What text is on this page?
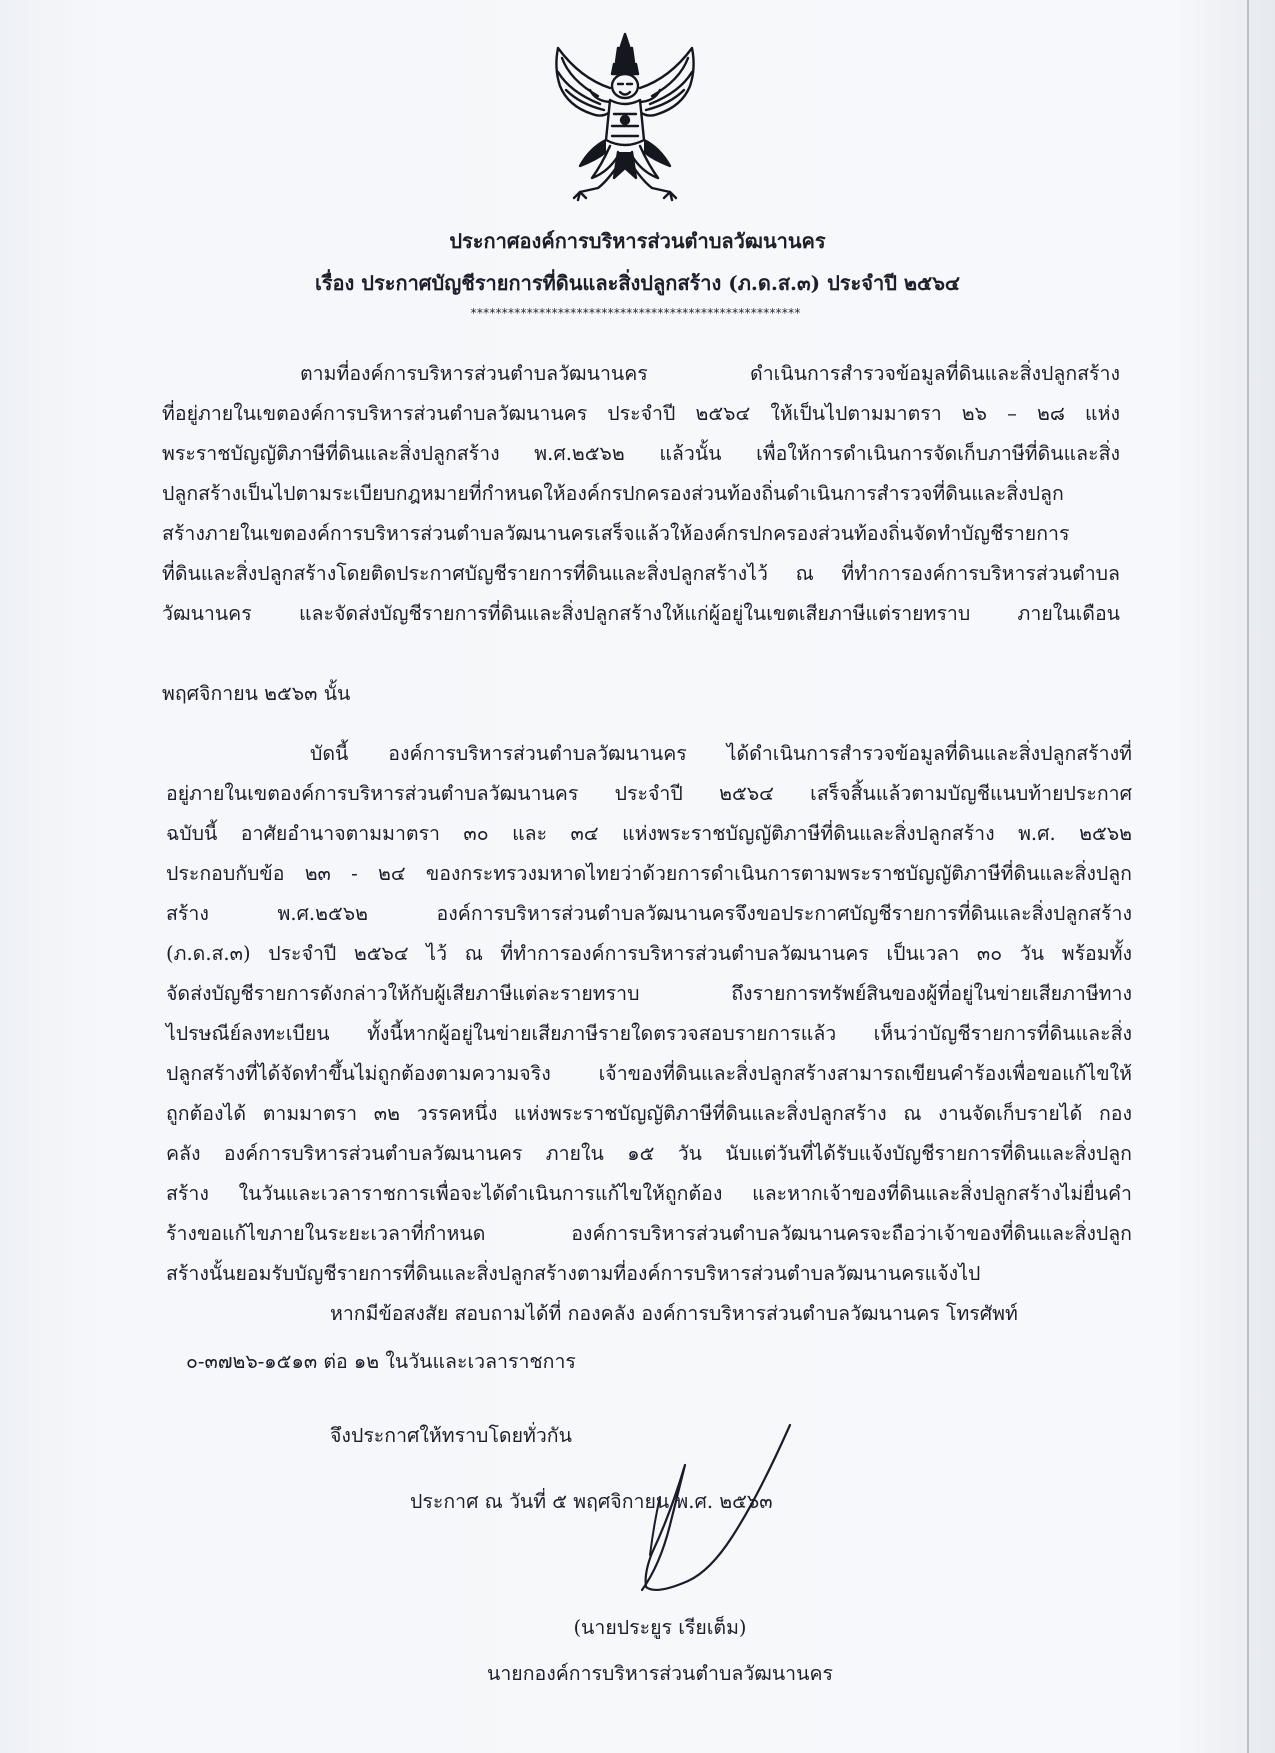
ประกาศองค์การบริหารส่วนตำบลวัฒนานคร
เรื่อง ประกาศบัญชีรายการที่ดินและสิ่งปลูกสร้าง (ภ.ด.ส.๓) ประจำปี ๒๕๖๔
*****************************************************
ตามที่องค์การบริหารส่วนตำบลวัฒนานคร ดำเนินการสำรวจข้อมูลที่ดินและสิ่งปลูกสร้าง
ที่อยู่ภายในเขตองค์การบริหารส่วนตำบลวัฒนานคร ประจำปี ๒๕๖๔ ให้เป็นไปตามมาตรา ๒๖ – ๒๘ แห่ง
พระราชบัญญัติภาษีที่ดินและสิ่งปลูกสร้าง พ.ศ.๒๕๖๒ แล้วนั้น เพื่อให้การดำเนินการจัดเก็บภาษีที่ดินและสิ่ง
ปลูกสร้างเป็นไปตามระเบียบกฎหมายที่กำหนดให้องค์กรปกครองส่วนท้องถิ่นดำเนินการสำรวจที่ดินและสิ่งปลูก
สร้างภายในเขตองค์การบริหารส่วนตำบลวัฒนานครเสร็จแล้วให้องค์กรปกครองส่วนท้องถิ่นจัดทำบัญชีรายการ
ที่ดินและสิ่งปลูกสร้างโดยติดประกาศบัญชีรายการที่ดินและสิ่งปลูกสร้างไว้ ณ ที่ทำการองค์การบริหารส่วนตำบล
วัฒนานคร และจัดส่งบัญชีรายการที่ดินและสิ่งปลูกสร้างให้แก่ผู้อยู่ในเขตเสียภาษีแต่รายทราบ ภายในเดือน
พฤศจิกายน ๒๕๖๓ นั้น
บัดนี้ องค์การบริหารส่วนตำบลวัฒนานคร ได้ดำเนินการสำรวจข้อมูลที่ดินและสิ่งปลูกสร้างที่
อยู่ภายในเขตองค์การบริหารส่วนตำบลวัฒนานคร ประจำปี ๒๕๖๔ เสร็จสิ้นแล้วตามบัญชีแนบท้ายประกาศ
ฉบับนี้ อาศัยอำนาจตามมาตรา ๓๐ และ ๓๔ แห่งพระราชบัญญัติภาษีที่ดินและสิ่งปลูกสร้าง พ.ศ. ๒๕๖๒
ประกอบกับข้อ ๒๓ - ๒๔ ของกระทรวงมหาดไทยว่าด้วยการดำเนินการตามพระราชบัญญัติภาษีที่ดินและสิ่งปลูก
สร้าง พ.ศ.๒๕๖๒ องค์การบริหารส่วนตำบลวัฒนานครจึงขอประกาศบัญชีรายการที่ดินและสิ่งปลูกสร้าง
(ภ.ด.ส.๓) ประจำปี ๒๕๖๔ ไว้ ณ ที่ทำการองค์การบริหารส่วนตำบลวัฒนานคร เป็นเวลา ๓๐ วัน พร้อมทั้ง
จัดส่งบัญชีรายการดังกล่าวให้กับผู้เสียภาษีแต่ละรายทราบ ถึงรายการทรัพย์สินของผู้ที่อยู่ในข่ายเสียภาษีทาง
ไปรษณีย์ลงทะเบียน ทั้งนี้หากผู้อยู่ในข่ายเสียภาษีรายใดตรวจสอบรายการแล้ว เห็นว่าบัญชีรายการที่ดินและสิ่ง
ปลูกสร้างที่ได้จัดทำขึ้นไม่ถูกต้องตามความจริง เจ้าของที่ดินและสิ่งปลูกสร้างสามารถเขียนคำร้องเพื่อขอแก้ไขให้
ถูกต้องได้ ตามมาตรา ๓๒ วรรคหนึ่ง แห่งพระราชบัญญัติภาษีที่ดินและสิ่งปลูกสร้าง ณ งานจัดเก็บรายได้ กอง
คลัง องค์การบริหารส่วนตำบลวัฒนานคร ภายใน ๑๕ วัน นับแต่วันที่ได้รับแจ้งบัญชีรายการที่ดินและสิ่งปลูก
สร้าง ในวันและเวลาราชการเพื่อจะได้ดำเนินการแก้ไขให้ถูกต้อง และหากเจ้าของที่ดินและสิ่งปลูกสร้างไม่ยื่นคำ
ร้างขอแก้ไขภายในระยะเวลาที่กำหนด องค์การบริหารส่วนตำบลวัฒนานครจะถือว่าเจ้าของที่ดินและสิ่งปลูก
สร้างนั้นยอมรับบัญชีรายการที่ดินและสิ่งปลูกสร้างตามที่องค์การบริหารส่วนตำบลวัฒนานครแจ้งไป
หากมีข้อสงสัย สอบถามได้ที่ กองคลัง องค์การบริหารส่วนตำบลวัฒนานคร โทรศัพท์
๐-๓๗๒๖-๑๕๑๓ ต่อ ๑๒ ในวันและเวลาราชการ
จึงประกาศให้ทราบโดยทั่วกัน
ประกาศ ณ วันที่ ๕ พฤศจิกายน พ.ศ. ๒๕๖๓
(นายประยูร เรียเต็ม)
นายกองค์การบริหารส่วนตำบลวัฒนานคร
